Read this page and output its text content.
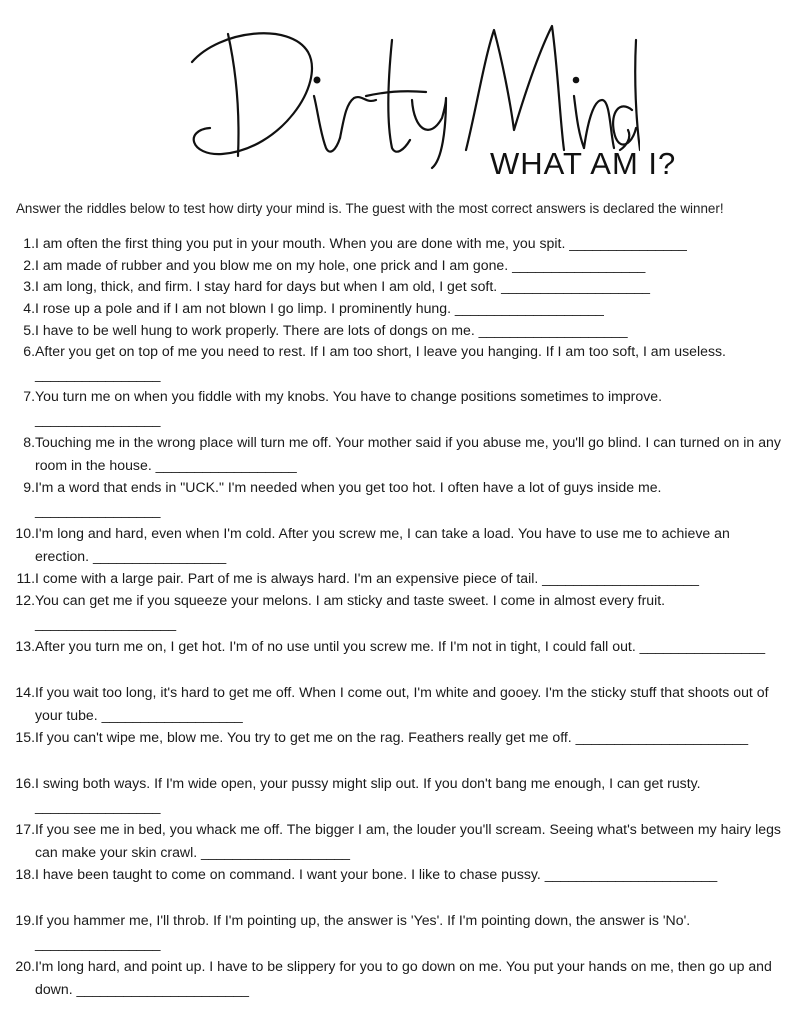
WHAT AM I?
Answer the riddles below to test how dirty your mind is. The guest with the most correct answers is declared the winner!
1. I am often the first thing you put in your mouth. When you are done with me, you spit. _______________
2. I am made of rubber and you blow me on my hole, one prick and I am gone. _________________
3. I am long, thick, and firm. I stay hard for days but when I am old, I get soft. ___________________
4. I rose up a pole and if I am not blown I go limp. I prominently hung. ___________________
5. I have to be well hung to work properly. There are lots of dongs on me. ___________________
6. After you get on top of me you need to rest. If I am too short, I leave you hanging. If I am too soft, I am useless. ________________
7. You turn me on when you fiddle with my knobs. You have to change positions sometimes to improve. ________________
8. Touching me in the wrong place will turn me off. Your mother said if you abuse me, you'll go blind. I can turned on in any room in the house. __________________
9. I'm a word that ends in "UCK." I'm needed when you get too hot. I often have a lot of guys inside me. ________________
10. I'm long and hard, even when I'm cold. After you screw me, I can take a load. You have to use me to achieve an erection. _________________
11. I come with a large pair. Part of me is always hard. I'm an expensive piece of tail. ____________________
12. You can get me if you squeeze your melons. I am sticky and taste sweet. I come in almost every fruit. __________________
13. After you turn me on, I get hot. I'm of no use until you screw me. If I'm not in tight, I could fall out. ________________
14. If you wait too long, it's hard to get me off. When I come out, I'm white and gooey. I'm the sticky stuff that shoots out of your tube. __________________
15. If you can't wipe me, blow me. You try to get me on the rag. Feathers really get me off. ______________________
16. I swing both ways. If I'm wide open, your pussy might slip out. If you don't bang me enough, I can get rusty. ________________
17. If you see me in bed, you whack me off. The bigger I am, the louder you'll scream. Seeing what's between my hairy legs can make your skin crawl. ___________________
18. I have been taught to come on command. I want your bone. I like to chase pussy. ______________________
19. If you hammer me, I'll throb. If I'm pointing up, the answer is 'Yes'. If I'm pointing down, the answer is 'No'. ________________
20. I'm long hard, and point up. I have to be slippery for you to go down on me. You put your hands on me, then go up and down. ______________________
